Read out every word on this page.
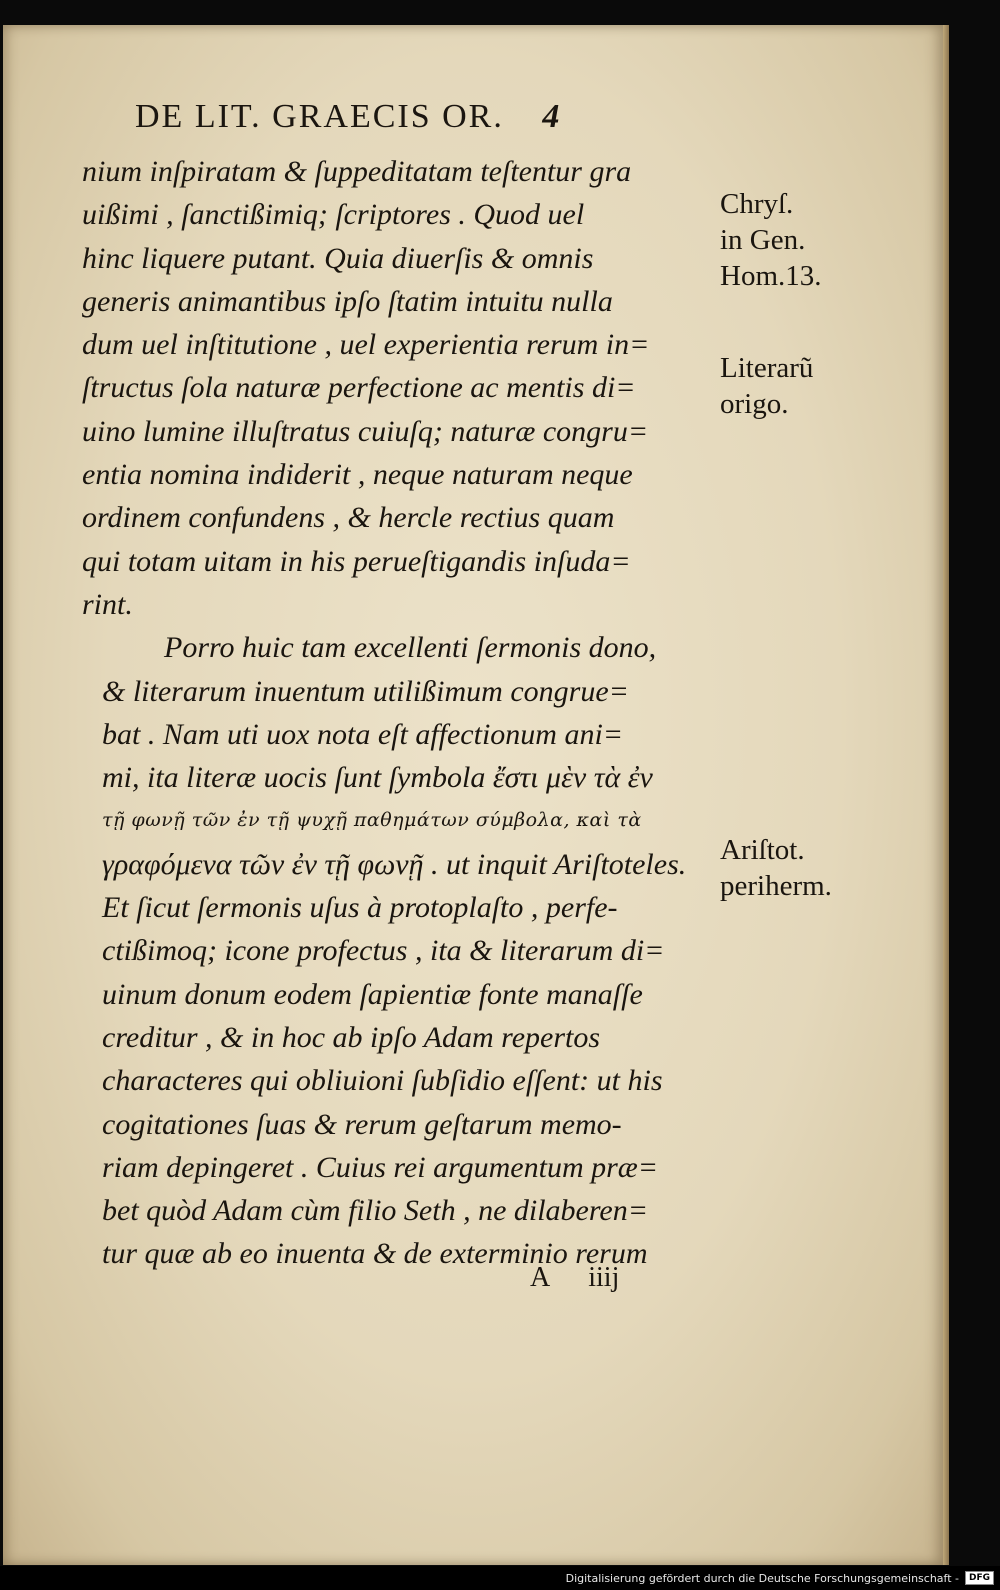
DE LIT. GRAECIS OR. 4
nium inſpiratam & ſuppeditatam teſtentur gra
uißimi , ſanctißimiq; ſcriptores . Quod uel
hinc liquere putant. Quia diuerſis & omnis
generis animantibus ipſo ſtatim intuitu nulla
dum uel inſtitutione , uel experientia rerum in=
ſtructus ſola naturæ perfectione ac mentis di=
uino lumine illuſtratus cuiuſq; naturæ congru=
entia nomina indiderit , neque naturam neque
ordinem confundens , & hercle rectius quam
qui totam uitam in his perueſtigandis inſuda=
rint.
Porro huic tam excellenti ſermonis dono,
& literarum inuentum utilißimum congrue=
bat . Nam uti uox nota eſt affectionum ani=
mi, ita literæ uocis ſunt ſymbola ἔστι μὲν τὰ ἐν
τῇ φωνῇ τῶν ἐν τῇ ψυχῇ παθημάτων σύμβολα, καὶ τὰ
γραφόμενα τῶν ἐν τῇ φωνῇ . ut inquit Ariſtoteles.
Et ſicut ſermonis uſus à protoplaſto , perfe-
ctißimoq; icone profectus , ita & literarum di=
uinum donum eodem ſapientiæ fonte manaſſe
creditur , & in hoc ab ipſo Adam repertos
characteres qui obliuioni ſubſidio eſſent: ut his
cogitationes ſuas & rerum geſtarum memo-
riam depingeret . Cuius rei argumentum præ=
bet quòd Adam cùm filio Seth , ne dilaberen=
tur quæ ab eo inuenta & de exterminio rerum
Chryſ.
in Gen.
Hom.13.
Literarũ
origo.
Ariſtot.
periherm.
A iiij
Digitalisierung gefördert durch die Deutsche Forschungsgemeinschaft -	DFG
